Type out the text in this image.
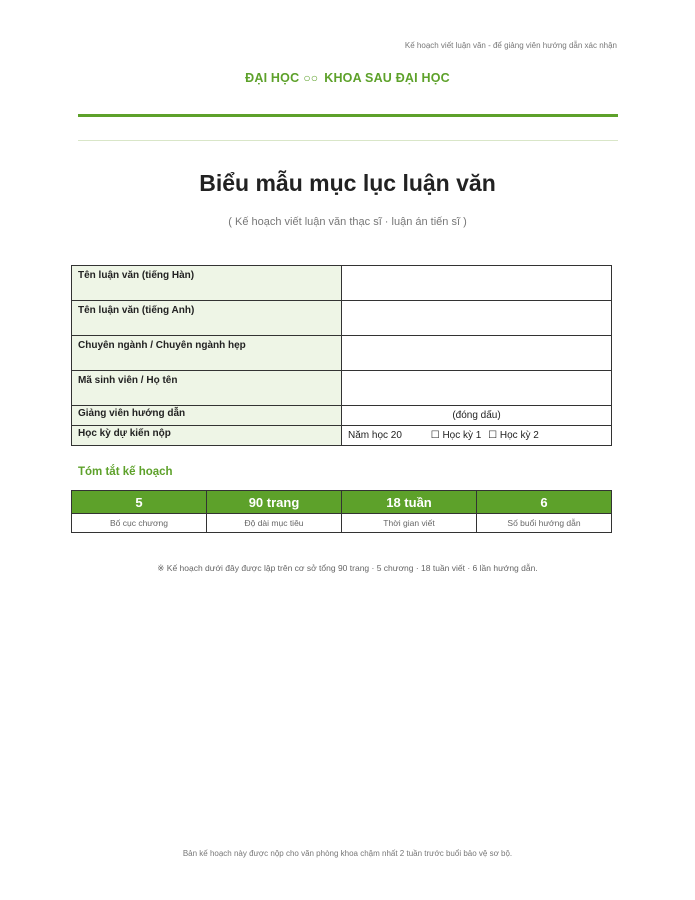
Kế hoạch viết luận văn - để giảng viên hướng dẫn xác nhận
ĐẠI HỌC ○○ KHOA SAU ĐẠI HỌC
Biểu mẫu mục lục luận văn
( Kế hoạch viết luận văn thạc sĩ · luận án tiến sĩ )
Tên luận văn (tiếng Hàn)	
Tên luận văn (tiếng Anh)	
Chuyên ngành / Chuyên ngành hẹp	
Mã sinh viên / Họ tên	
Giảng viên hướng dẫn	(đóng dấu)
Học kỳ dự kiến nộp	Năm học 20 ☐ Học kỳ 1 ☐ Học kỳ 2
Tóm tắt kế hoạch
5	90 trang	18 tuần	6
Bố cục chương	Độ dài mục tiêu	Thời gian viết	Số buổi hướng dẫn
※ Kế hoạch dưới đây được lập trên cơ sở tổng 90 trang · 5 chương · 18 tuần viết · 6 lần hướng dẫn.
Bản kế hoạch này được nộp cho văn phòng khoa chậm nhất 2 tuần trước buổi bảo vệ sơ bộ.
